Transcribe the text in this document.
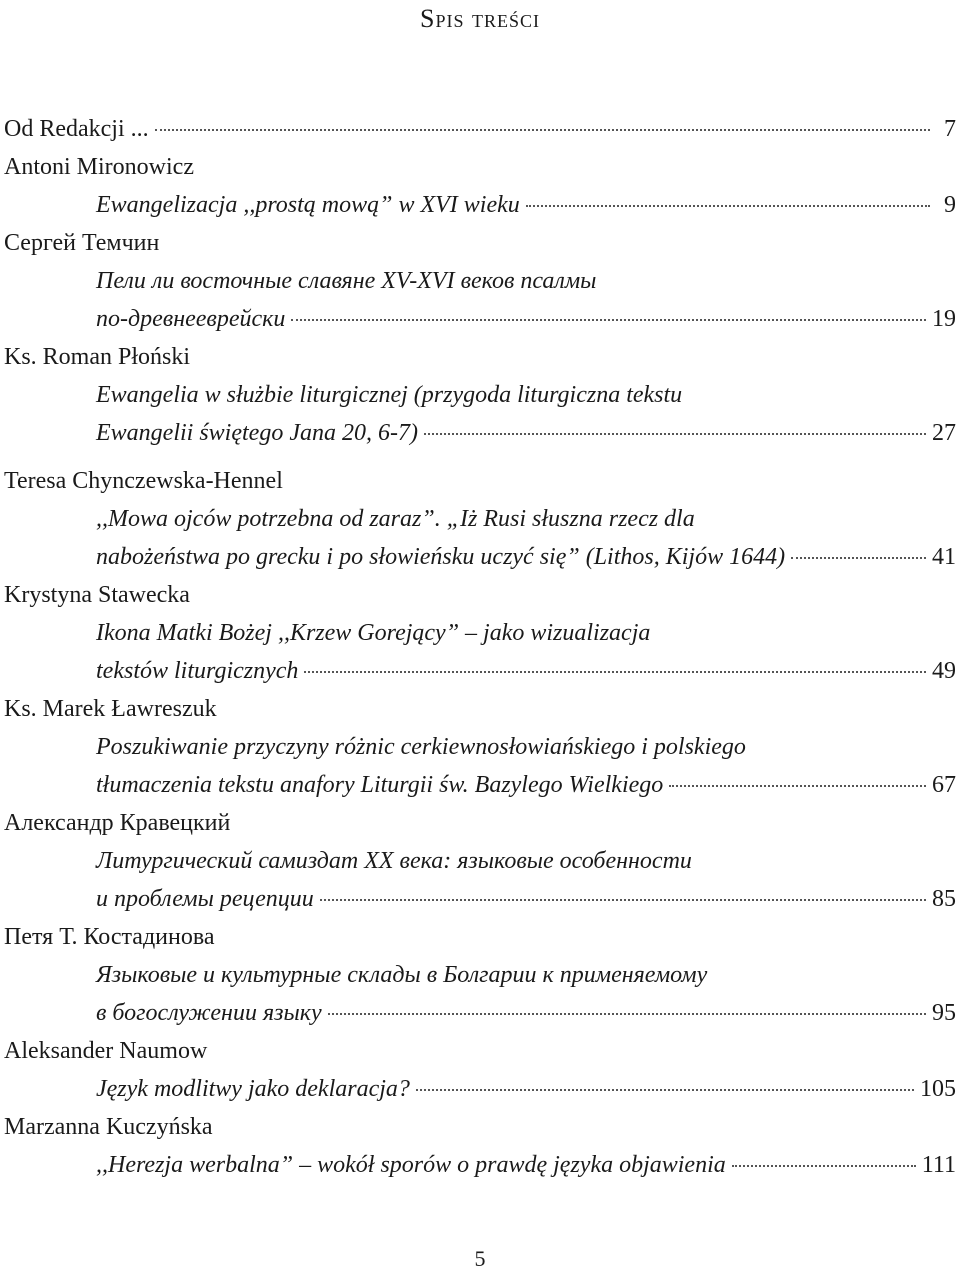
Spis treści
Od Redakcji ...	7
Antoni Mironowicz
Ewangelizacja ,,prostą mową” w XVI wieku	9
Сергей Темчин
Пели ли восточные славяне XV-XVI веков псалмы
по-древнееврейски	19
Ks. Roman Płoński
Ewangelia w służbie liturgicznej (przygoda liturgiczna tekstu
Ewangelii świętego Jana 20, 6-7)	27
Teresa Chynczewska-Hennel
,,Mowa ojców potrzebna od zaraz”. „Iż Rusi słuszna rzecz dla
nabożeństwa po grecku i po słowieńsku uczyć się” (Lithos, Kijów 1644)	41
Krystyna Stawecka
Ikona Matki Bożej ,,Krzew Gorejący” – jako wizualizacja
tekstów liturgicznych	49
Ks. Marek Ławreszuk
Poszukiwanie przyczyny różnic cerkiewnosłowiańskiego i polskiego
tłumaczenia tekstu anafory Liturgii św. Bazylego Wielkiego	67
Александр Кравецкий
Литургический самиздат XX века: языковые особенности
и проблемы рецепции	85
Петя Т. Костадинова
Языковые и культурные склады в Болгарии к применяемому
в богослужении языку	95
Aleksander Naumow
Język modlitwy jako deklaracja?	105
Marzanna Kuczyńska
,,Herezja werbalna” – wokół sporów o prawdę języka objawienia	111
5
